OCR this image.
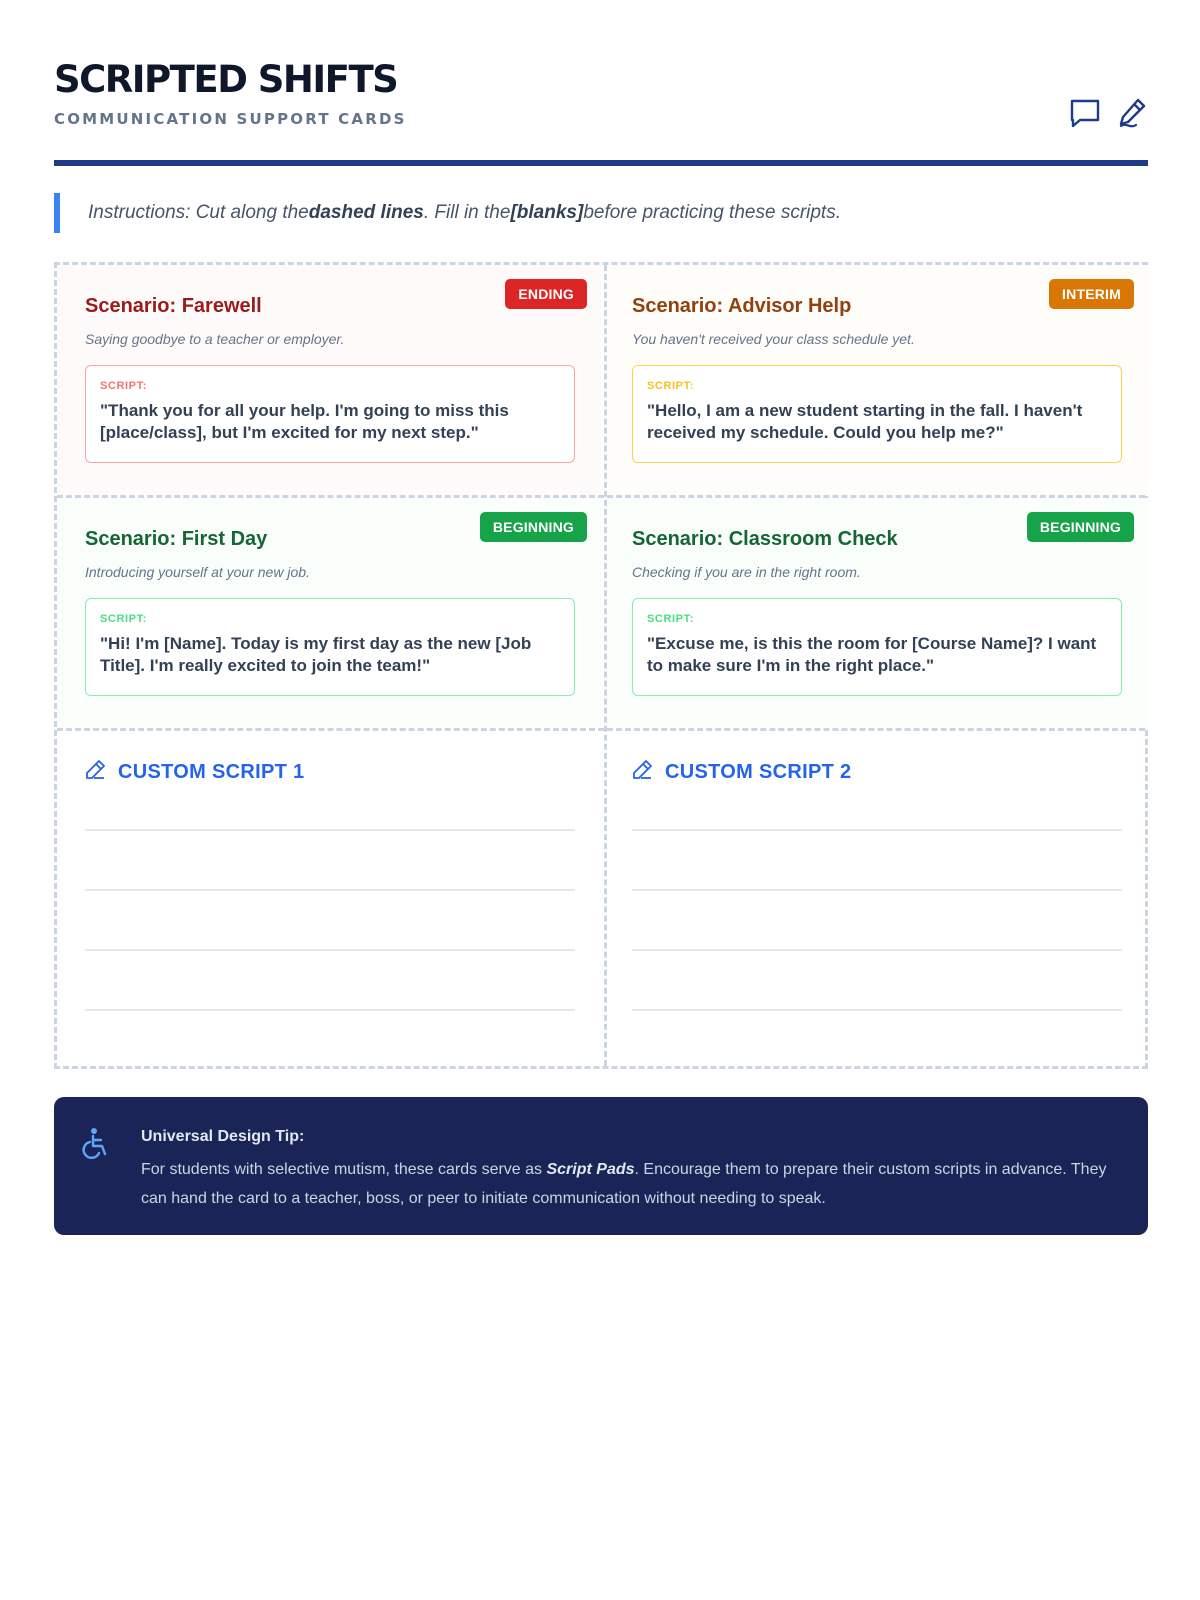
SCRIPTED SHIFTS
COMMUNICATION SUPPORT CARDS
Instructions: Cut along the dashed lines . Fill in the [blanks] before practicing these scripts.
ENDING
Scenario: Farewell
Saying goodbye to a teacher or employer.
SCRIPT:
"Thank you for all your help. I'm going to miss this [place/class], but I'm excited for my next step."
INTERIM
Scenario: Advisor Help
You haven't received your class schedule yet.
SCRIPT:
"Hello, I am a new student starting in the fall. I haven't received my schedule. Could you help me?"
BEGINNING
Scenario: First Day
Introducing yourself at your new job.
SCRIPT:
"Hi! I'm [Name]. Today is my first day as the new [Job Title]. I'm really excited to join the team!"
BEGINNING
Scenario: Classroom Check
Checking if you are in the right room.
SCRIPT:
"Excuse me, is this the room for [Course Name]? I want to make sure I'm in the right place."
CUSTOM SCRIPT 1	CUSTOM SCRIPT 2
Universal Design Tip:
For students with selective mutism, these cards serve as Script Pads. Encourage them to prepare their custom scripts in advance. They can hand the card to a teacher, boss, or peer to initiate communication without needing to speak.
